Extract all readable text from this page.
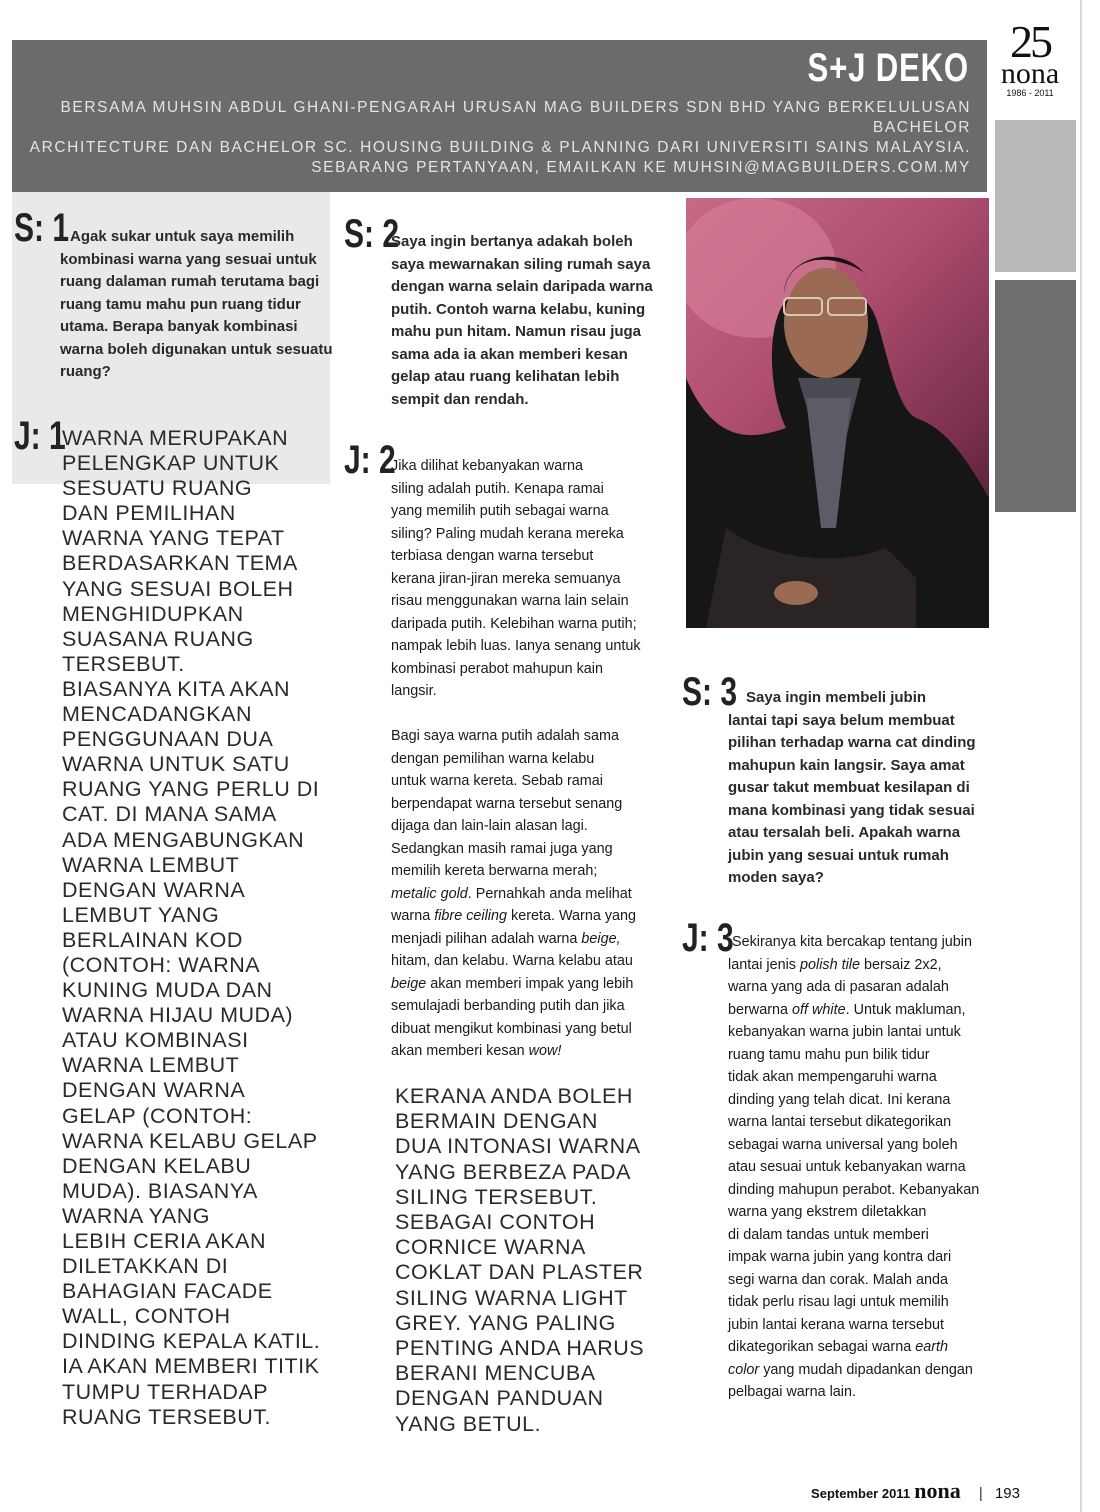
S+J DEKO
BERSAMA MUHSIN ABDUL GHANI-PENGARAH URUSAN MAG BUILDERS SDN BHD YANG BERKELULUSAN BACHELOR
ARCHITECTURE DAN BACHELOR SC. HOUSING BUILDING & PLANNING DARI UNIVERSITI SAINS MALAYSIA.
SEBARANG PERTANYAAN, EMAILKAN KE MUHSIN@MAGBUILDERS.COM.MY
25
nona
1986 - 2011
S: 1 Agak sukar untuk saya memilih
kombinasi warna yang sesuai untuk
ruang dalaman rumah terutama bagi
ruang tamu mahu pun ruang tidur
utama. Berapa banyak kombinasi
warna boleh digunakan untuk sesuatu
ruang?
J: 1
WARNA MERUPAKAN
PELENGKAP UNTUK
SESUATU RUANG
DAN PEMILIHAN
WARNA YANG TEPAT
BERDASARKAN TEMA
YANG SESUAI BOLEH
MENGHIDUPKAN
SUASANA RUANG
TERSEBUT.
BIASANYA KITA AKAN
MENCADANGKAN
PENGGUNAAN DUA
WARNA UNTUK SATU
RUANG YANG PERLU DI
CAT. DI MANA SAMA
ADA MENGABUNGKAN
WARNA LEMBUT
DENGAN WARNA
LEMBUT YANG
BERLAINAN KOD
(CONTOH: WARNA
KUNING MUDA DAN
WARNA HIJAU MUDA)
ATAU KOMBINASI
WARNA LEMBUT
DENGAN WARNA
GELAP (CONTOH:
WARNA KELABU GELAP
DENGAN KELABU
MUDA). BIASANYA
WARNA YANG
LEBIH CERIA AKAN
DILETAKKAN DI
BAHAGIAN FACADE
WALL, CONTOH
DINDING KEPALA KATIL.
IA AKAN MEMBERI TITIK
TUMPU TERHADAP
RUANG TERSEBUT.
S: 2
Saya ingin bertanya adakah boleh
saya mewarnakan siling rumah saya
dengan warna selain daripada warna
putih. Contoh warna kelabu, kuning
mahu pun hitam. Namun risau juga
sama ada ia akan memberi kesan
gelap atau ruang kelihatan lebih
sempit dan rendah.
J: 2
Jika dilihat kebanyakan warna
siling adalah putih. Kenapa ramai
yang memilih putih sebagai warna
siling? Paling mudah kerana mereka
terbiasa dengan warna tersebut
kerana jiran-jiran mereka semuanya
risau menggunakan warna lain selain
daripada putih. Kelebihan warna putih;
nampak lebih luas. Ianya senang untuk
kombinasi perabot mahupun kain
langsir.
Bagi saya warna putih adalah sama
dengan pemilihan warna kelabu
untuk warna kereta. Sebab ramai
berpendapat warna tersebut senang
dijaga dan lain-lain alasan lagi.
Sedangkan masih ramai juga yang
memilih kereta berwarna merah;
metalic gold. Pernahkah anda melihat
warna fibre ceiling kereta. Warna yang
menjadi pilihan adalah warna beige,
hitam, dan kelabu. Warna kelabu atau
beige akan memberi impak yang lebih
semulajadi berbanding putih dan jika
dibuat mengikut kombinasi yang betul
akan memberi kesan wow!
KERANA ANDA BOLEH
BERMAIN DENGAN
DUA INTONASI WARNA
YANG BERBEZA PADA
SILING TERSEBUT.
SEBAGAI CONTOH
CORNICE WARNA
COKLAT DAN PLASTER
SILING WARNA LIGHT
GREY. YANG PALING
PENTING ANDA HARUS
BERANI MENCUBA
DENGAN PANDUAN
YANG BETUL.
S: 3 Saya ingin membeli jubin
lantai tapi saya belum membuat
pilihan terhadap warna cat dinding
mahupun kain langsir. Saya amat
gusar takut membuat kesilapan di
mana kombinasi yang tidak sesuai
atau tersalah beli. Apakah warna
jubin yang sesuai untuk rumah
moden saya?
J: 3
Sekiranya kita bercakap tentang jubin
lantai jenis polish tile bersaiz 2x2,
warna yang ada di pasaran adalah
berwarna off white. Untuk makluman,
kebanyakan warna jubin lantai untuk
ruang tamu mahu pun bilik tidur
tidak akan mempengaruhi warna
dinding yang telah dicat. Ini kerana
warna lantai tersebut dikategorikan
sebagai warna universal yang boleh
atau sesuai untuk kebanyakan warna
dinding mahupun perabot. Kebanyakan
warna yang ekstrem diletakkan
di dalam tandas untuk memberi
impak warna jubin yang kontra dari
segi warna dan corak. Malah anda
tidak perlu risau lagi untuk memilih
jubin lantai kerana warna tersebut
dikategorikan sebagai warna earth
color yang mudah dipadankan dengan
pelbagai warna lain.
September 2011 nona | 193
